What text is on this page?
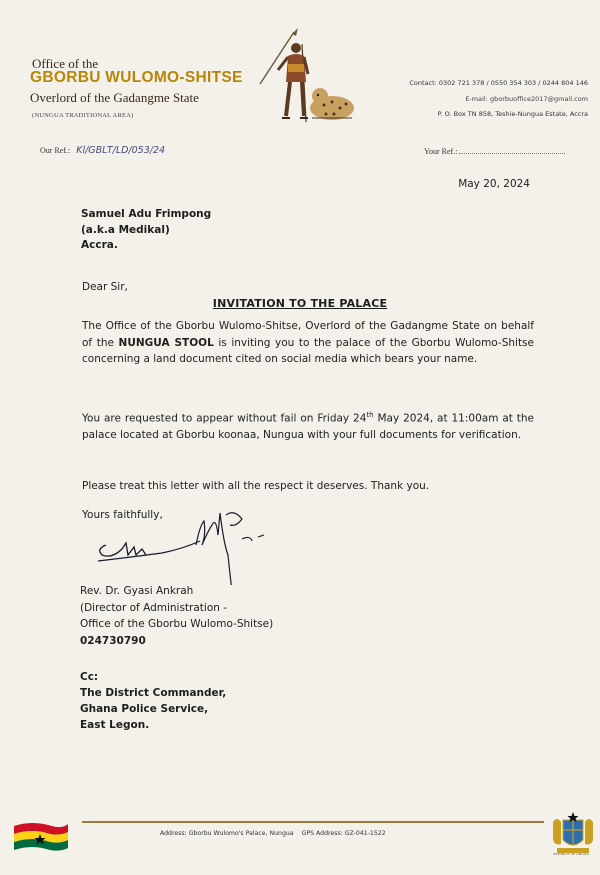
Office of the
GBORBU WULOMO-SHITSE
Overlord of the Gadangme State
(NUNGUA TRADITIONAL AREA)
Contact: 0302 721 378 / 0550 354 303 / 0244 804 146
E-mail: gborbuoffice2017@gmail.com
P. O. Box TN 858, Teshie-Nungua Estate, Accra
Our Ref.: Kl/GBLT/LD/053/24	Your Ref.:
May 20, 2024
Samuel Adu Frimpong
(a.k.a Medikal)
Accra.
Dear Sir,
INVITATION TO THE PALACE
The Office of the Gborbu Wulomo-Shitse, Overlord of the Gadangme State on behalf of the NUNGUA STOOL is inviting you to the palace of the Gborbu Wulomo-Shitse concerning a land document cited on social media which bears your name.
You are requested to appear without fail on Friday 24th May 2024, at 11:00am at the palace located at Gborbu koonaa, Nungua with your full documents for verification.
Please treat this letter with all the respect it deserves. Thank you.
Yours faithfully,
Rev. Dr. Gyasi Ankrah
(Director of Administration -
Office of the Gborbu Wulomo-Shitse)
024730790
Cc:
The District Commander,
Ghana Police Service,
East Legon.
Address: Gborbu Wulomo's Palace, Nungua GPS Address: GZ-041-1522
REPUBLIC OF GHANA
